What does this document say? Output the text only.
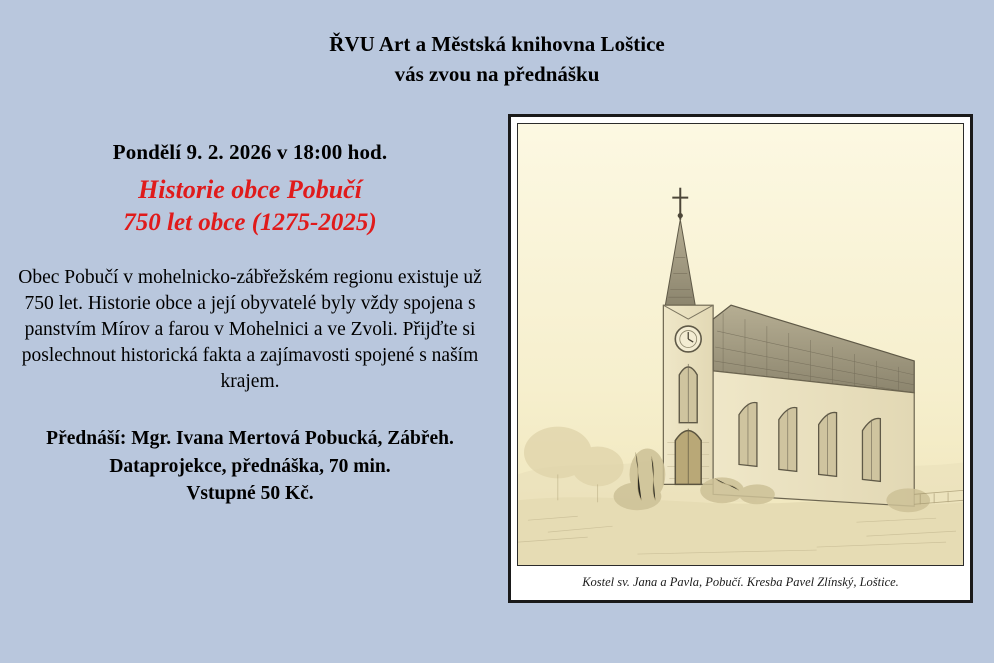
ŘVU Art a Městská knihovna Loštice
vás zvou na přednášku
Pondělí 9. 2. 2026 v 18:00 hod.
Historie obce Pobučí
750 let obce (1275-2025)

Obec Pobučí v mohelnicko-zábřežském regionu existuje už 750 let. Historie obce a její obyvatelé byly vždy spojena s panstvím Mírov a farou v Mohelnici a ve Zvoli. Přijďte si poslechnout historická fakta a zajímavosti spojené s naším krajem.

Přednáší: Mgr. Ivana Mertová Pobucká, Zábřeh.
Dataprojekce, přednáška, 70 min.
Vstupné 50 Kč.
Kostel sv. Jana a Pavla, Pobučí. Kresba Pavel Zlínský, Loštice.
